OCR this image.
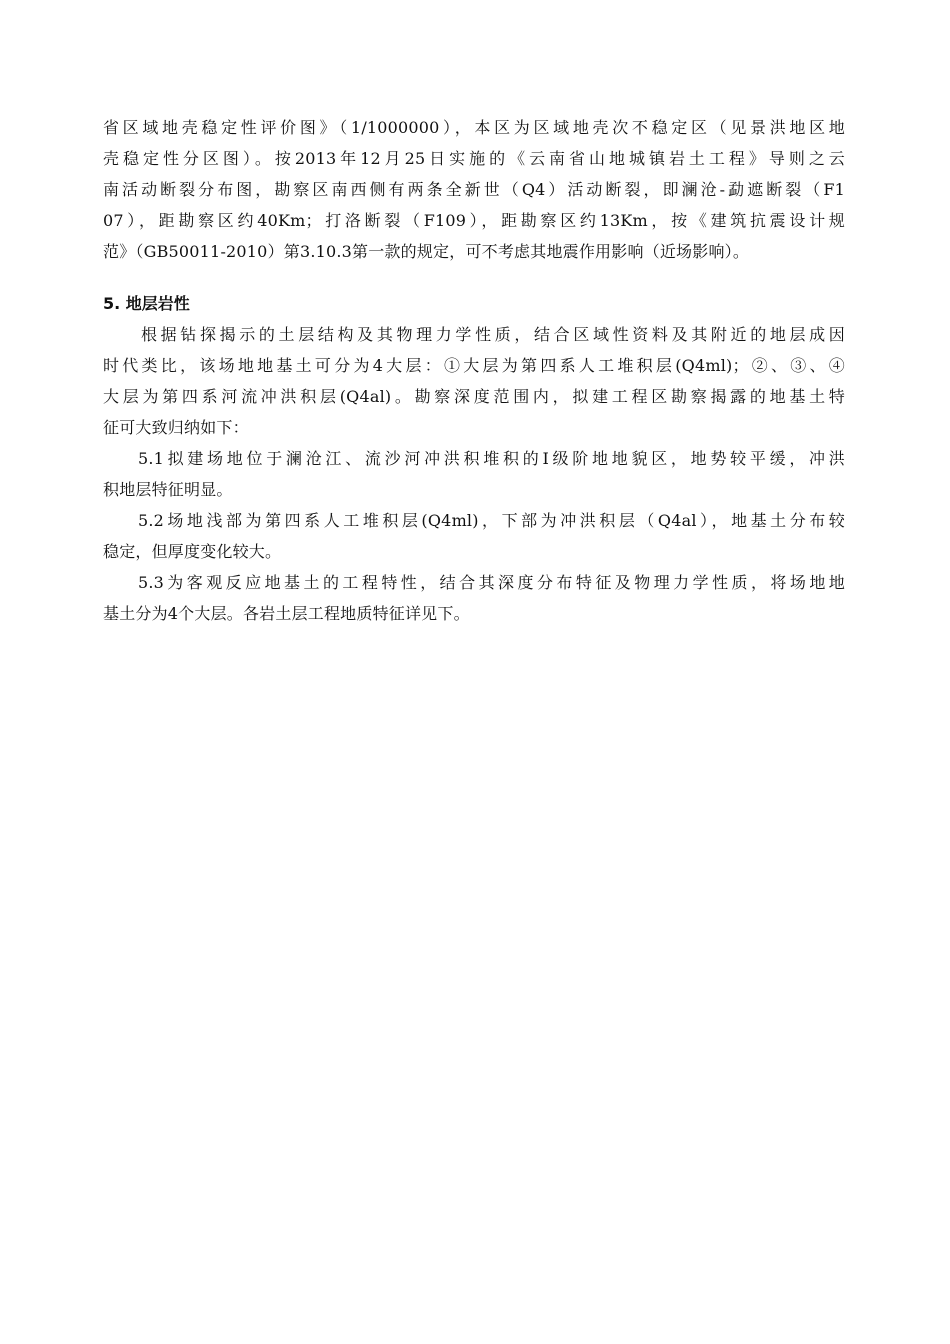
省区域地壳稳定性评价图》（1/1000000），本区为区域地壳次不稳定区（见景洪地区地
壳稳定性分区图）。按2013年12月25日实施的《云南省山地城镇岩土工程》导则之云
南活动断裂分布图，勘察区南西侧有两条全新世（Q4）活动断裂，即澜沧-勐遮断裂（F1
07），距勘察区约40Km；打洛断裂（F109），距勘察区约13Km，按《建筑抗震设计规
范》（GB50011-2010）第3.10.3第一款的规定，可不考虑其地震作用影响（近场影响）。
5. 地层岩性
根据钻探揭示的土层结构及其物理力学性质，结合区域性资料及其附近的地层成因
时代类比，该场地地基土可分为4大层：①大层为第四系人工堆积层(Q4ml)；②、③、④
大层为第四系河流冲洪积层(Q4al)。勘察深度范围内，拟建工程区勘察揭露的地基土特
征可大致归纳如下：
5.1拟建场地位于澜沧江、流沙河冲洪积堆积的Ⅰ级阶地地貌区，地势较平缓，冲洪
积地层特征明显。
5.2场地浅部为第四系人工堆积层(Q4ml)，下部为冲洪积层（Q4al），地基土分布较
稳定，但厚度变化较大。
5.3为客观反应地基土的工程特性，结合其深度分布特征及物理力学性质，将场地地
基土分为4个大层。各岩土层工程地质特征详见下。
